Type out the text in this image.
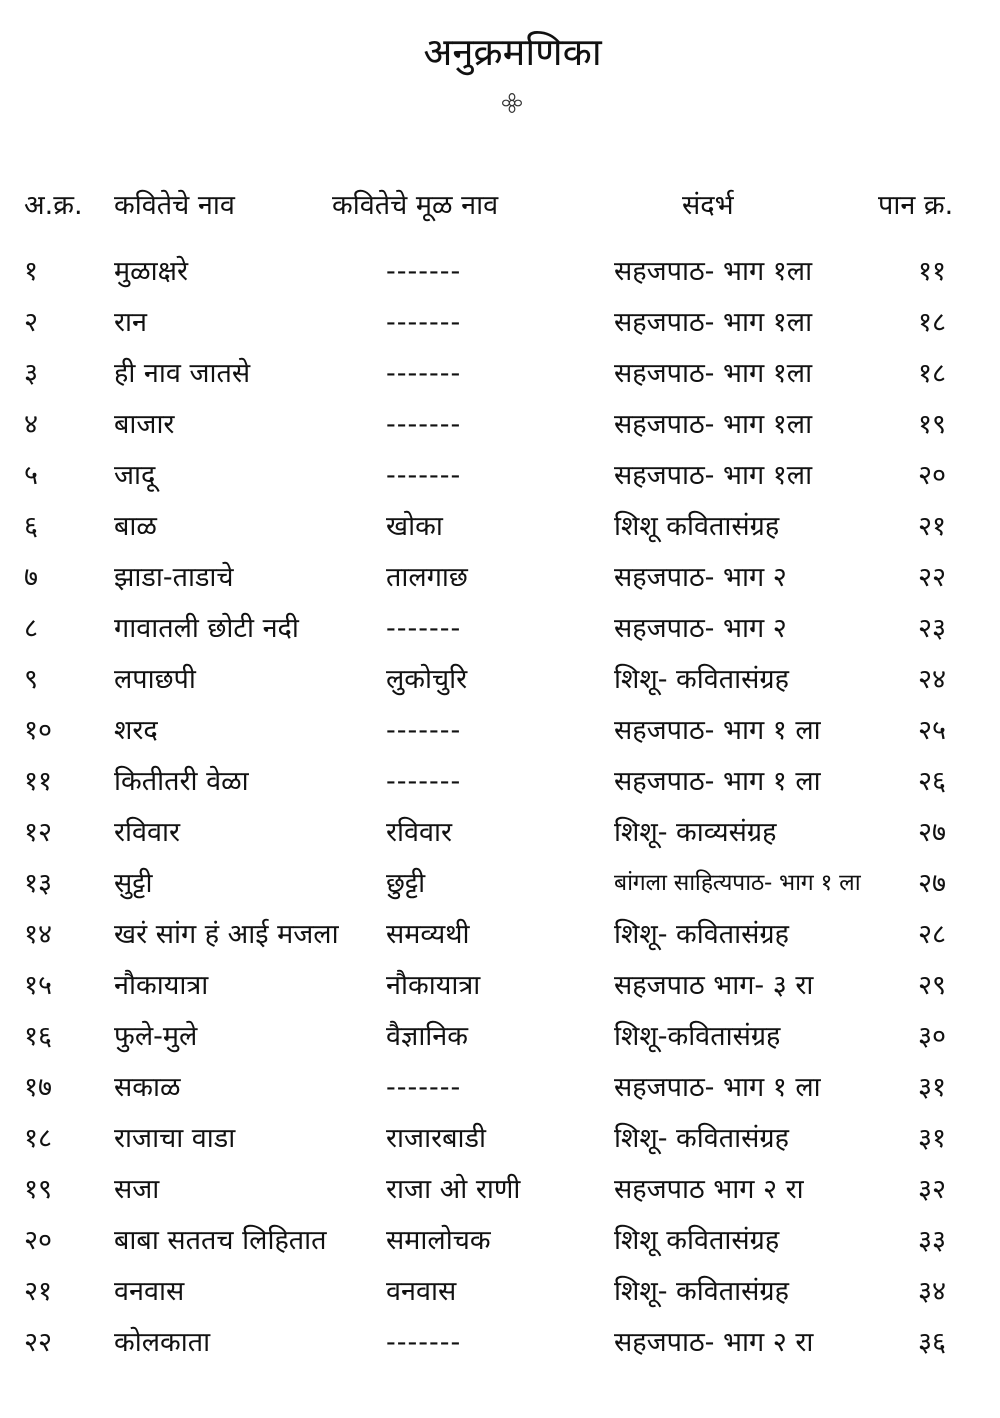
अनुक्रमणिका
अ.क्र.	कवितेचे नाव	कवितेचे मूळ नाव	संदर्भ	पान क्र.
१	मुळाक्षरे	-------	सहजपाठ- भाग १ला	११
२	रान	-------	सहजपाठ- भाग १ला	१८
३	ही नाव जातसे	-------	सहजपाठ- भाग १ला	१८
४	बाजार	-------	सहजपाठ- भाग १ला	१९
५	जादू	-------	सहजपाठ- भाग १ला	२०
६	बाळ	खोका	शिशू कवितासंग्रह	२१
७	झाडा-ताडाचे	तालगाछ	सहजपाठ- भाग २	२२
८	गावातली छोटी नदी	-------	सहजपाठ- भाग २	२३
९	लपाछपी	लुकोचुरि	शिशू- कवितासंग्रह	२४
१०	शरद	-------	सहजपाठ- भाग १ ला	२५
११	कितीतरी वेळा	-------	सहजपाठ- भाग १ ला	२६
१२	रविवार	रविवार	शिशू- काव्यसंग्रह	२७
१३	सुट्टी	छुट्टी	बांगला साहित्यपाठ- भाग १ ला	२७
१४	खरं सांग हं आई मजला	समव्यथी	शिशू- कवितासंग्रह	२८
१५	नौकायात्रा	नौकायात्रा	सहजपाठ भाग- ३ रा	२९
१६	फुले-मुले	वैज्ञानिक	शिशू-कवितासंग्रह	३०
१७	सकाळ	-------	सहजपाठ- भाग १ ला	३१
१८	राजाचा वाडा	राजारबाडी	शिशू- कवितासंग्रह	३१
१९	सजा	राजा ओ राणी	सहजपाठ भाग २ रा	३२
२०	बाबा सततच लिहितात	समालोचक	शिशू कवितासंग्रह	३३
२१	वनवास	वनवास	शिशू- कवितासंग्रह	३४
२२	कोलकाता	-------	सहजपाठ- भाग २ रा	३६
